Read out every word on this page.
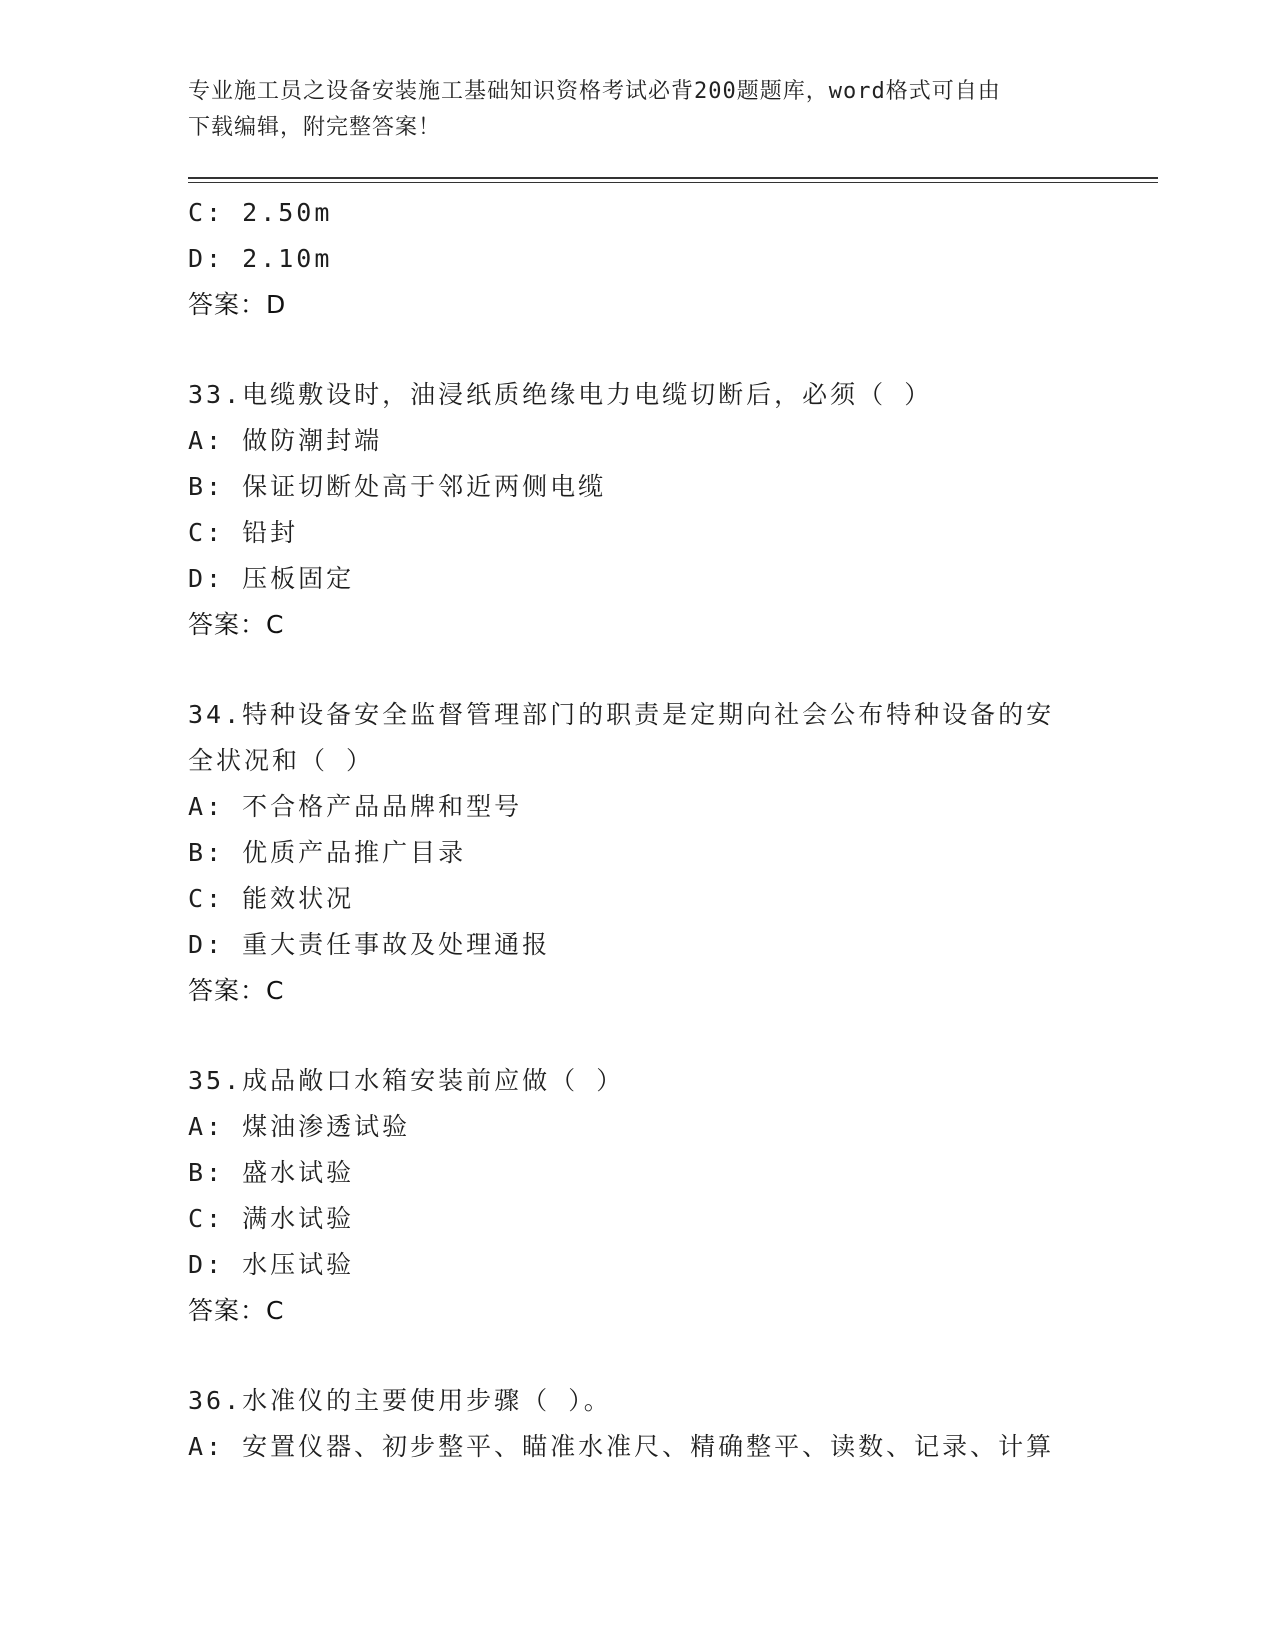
专业施工员之设备安装施工基础知识资格考试必背200题题库，word格式可自由
下载编辑，附完整答案！
C: 2.50m
D: 2.10m
答案：D
33.电缆敷设时，油浸纸质绝缘电力电缆切断后，必须（ ）
A: 做防潮封端
B: 保证切断处高于邻近两侧电缆
C: 铅封
D: 压板固定
答案：C
34.特种设备安全监督管理部门的职责是定期向社会公布特种设备的安
全状况和（ ）
A: 不合格产品品牌和型号
B: 优质产品推广目录
C: 能效状况
D: 重大责任事故及处理通报
答案：C
35.成品敞口水箱安装前应做（ ）
A: 煤油渗透试验
B: 盛水试验
C: 满水试验
D: 水压试验
答案：C
36.水准仪的主要使用步骤（ ）。
A: 安置仪器、初步整平、瞄准水准尺、精确整平、读数、记录、计算
